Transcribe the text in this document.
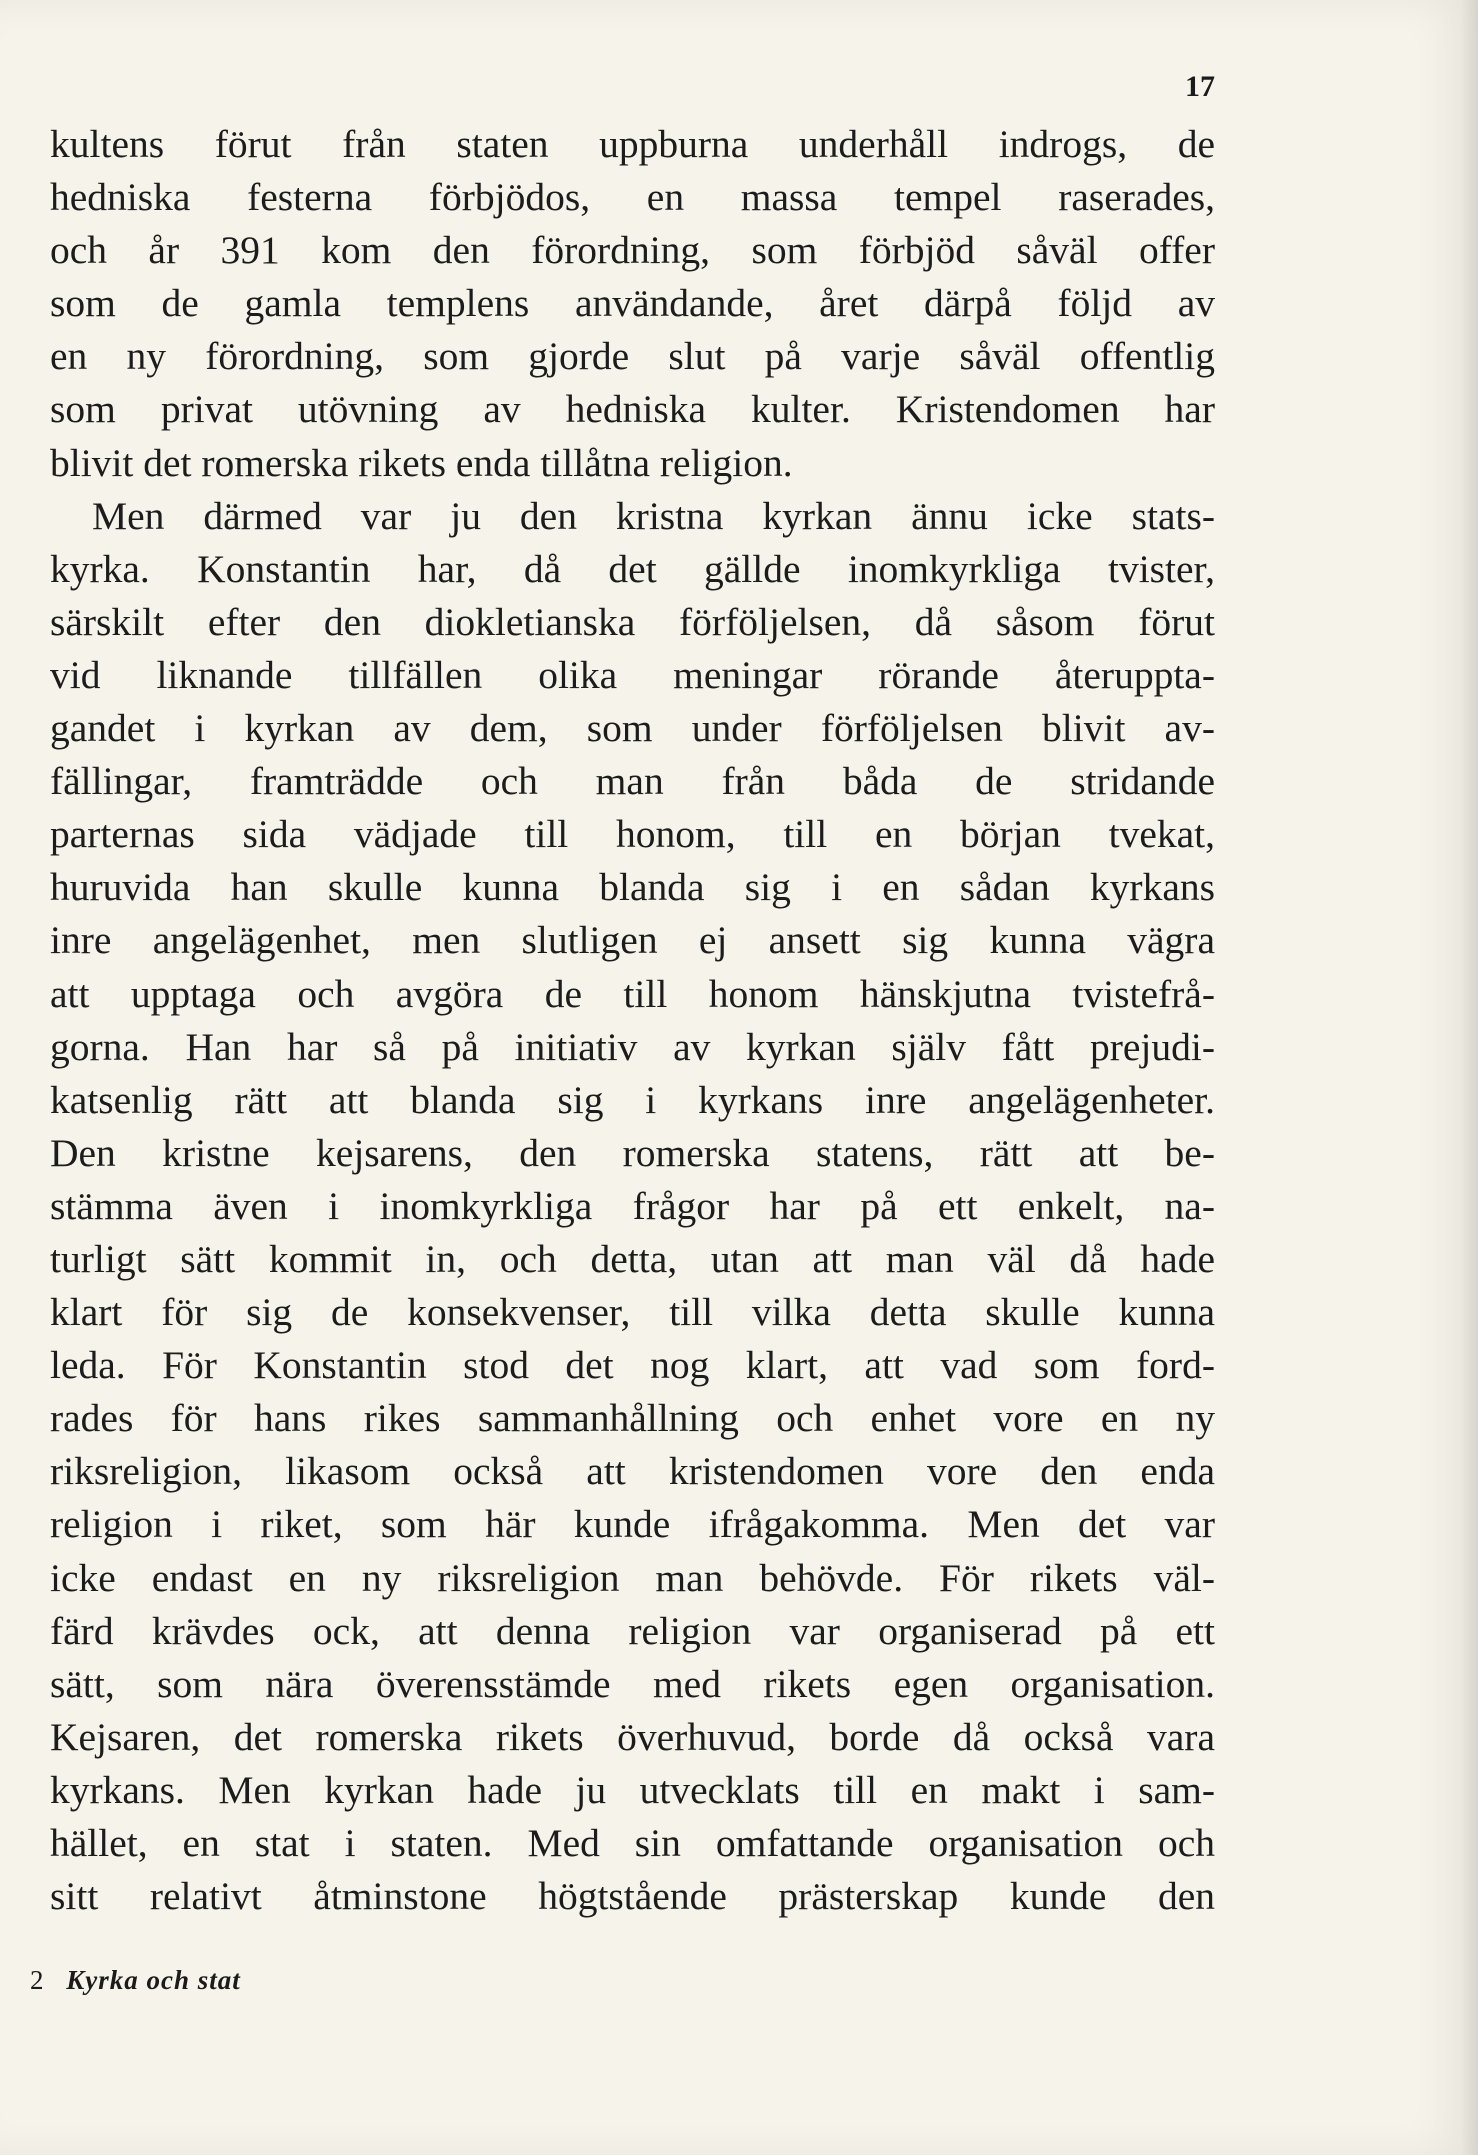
17
kultens förut från staten uppburna underhåll indrogs, de
hedniska festerna förbjödos, en massa tempel raserades,
och år 391 kom den förordning, som förbjöd såväl offer
som de gamla templens användande, året därpå följd av
en ny förordning, som gjorde slut på varje såväl offentlig
som privat utövning av hedniska kulter. Kristendomen har
blivit det romerska rikets enda tillåtna religion.
Men därmed var ju den kristna kyrkan ännu icke stats-
kyrka. Konstantin har, då det gällde inomkyrkliga tvister,
särskilt efter den diokletianska förföljelsen, då såsom förut
vid liknande tillfällen olika meningar rörande återuppta-
gandet i kyrkan av dem, som under förföljelsen blivit av-
fällingar, framträdde och man från båda de stridande
parternas sida vädjade till honom, till en början tvekat,
huruvida han skulle kunna blanda sig i en sådan kyrkans
inre angelägenhet, men slutligen ej ansett sig kunna vägra
att upptaga och avgöra de till honom hänskjutna tvistefrå-
gorna. Han har så på initiativ av kyrkan själv fått prejudi-
katsenlig rätt att blanda sig i kyrkans inre angelägenheter.
Den kristne kejsarens, den romerska statens, rätt att be-
stämma även i inomkyrkliga frågor har på ett enkelt, na-
turligt sätt kommit in, och detta, utan att man väl då hade
klart för sig de konsekvenser, till vilka detta skulle kunna
leda. För Konstantin stod det nog klart, att vad som ford-
rades för hans rikes sammanhållning och enhet vore en ny
riksreligion, likasom också att kristendomen vore den enda
religion i riket, som här kunde ifrågakomma. Men det var
icke endast en ny riksreligion man behövde. För rikets väl-
färd krävdes ock, att denna religion var organiserad på ett
sätt, som nära överensstämde med rikets egen organisation.
Kejsaren, det romerska rikets överhuvud, borde då också vara
kyrkans. Men kyrkan hade ju utvecklats till en makt i sam-
hället, en stat i staten. Med sin omfattande organisation och
sitt relativt åtminstone högtstående prästerskap kunde den
2 Kyrka och stat
